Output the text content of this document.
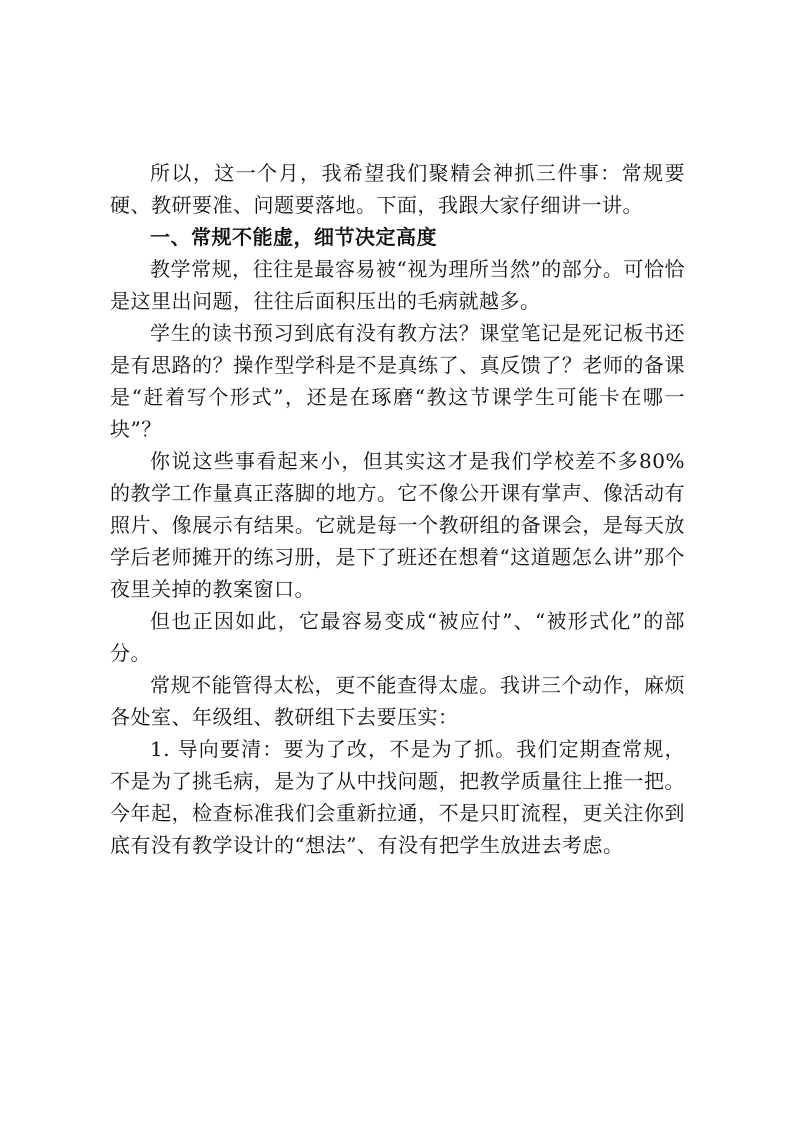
所以，这一个月，我希望我们聚精会神抓三件事：常规要硬、教研要准、问题要落地。下面，我跟大家仔细讲一讲。

一、常规不能虚，细节决定高度

教学常规，往往是最容易被“视为理所当然”的部分。可恰恰是这里出问题，往往后面积压出的毛病就越多。

学生的读书预习到底有没有教方法？课堂笔记是死记板书还是有思路的？操作型学科是不是真练了、真反馈了？老师的备课是“赶着写个形式”，还是在琢磨“教这节课学生可能卡在哪一块”？

你说这些事看起来小，但其实这才是我们学校差不多80%的教学工作量真正落脚的地方。它不像公开课有掌声、像活动有照片、像展示有结果。它就是每一个教研组的备课会，是每天放学后老师摊开的练习册，是下了班还在想着“这道题怎么讲”那个夜里关掉的教案窗口。

但也正因如此，它最容易变成“被应付”、“被形式化”的部分。

常规不能管得太松，更不能查得太虚。我讲三个动作，麻烦各处室、年级组、教研组下去要压实：

1. 导向要清：要为了改，不是为了抓。我们定期查常规，不是为了挑毛病，是为了从中找问题，把教学质量往上推一把。今年起，检查标准我们会重新拉通，不是只盯流程，更关注你到底有没有教学设计的“想法”、有没有把学生放进去考虑。
